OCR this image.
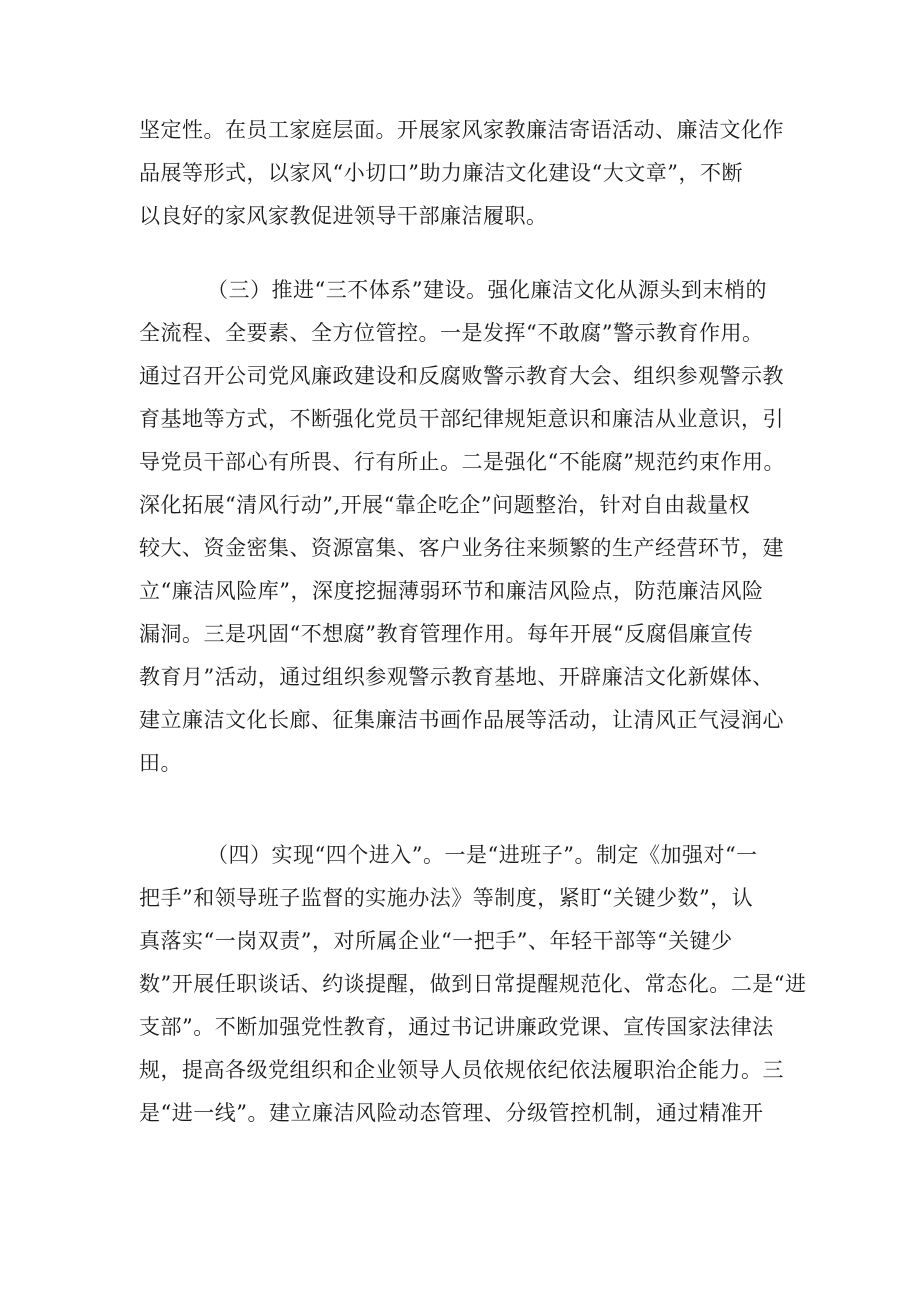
坚定性。在员工家庭层面。开展家风家教廉洁寄语活动、廉洁文化作
品展等形式，以家风“小切口”助力廉洁文化建设“大文章”，不断
以良好的家风家教促进领导干部廉洁履职。
（三）推进“三不体系”建设。强化廉洁文化从源头到末梢的
全流程、全要素、全方位管控。一是发挥“不敢腐”警示教育作用。
通过召开公司党风廉政建设和反腐败警示教育大会、组织参观警示教
育基地等方式，不断强化党员干部纪律规矩意识和廉洁从业意识，引
导党员干部心有所畏、行有所止。二是强化“不能腐”规范约束作用。
深化拓展“清风行动”,开展“靠企吃企”问题整治，针对自由裁量权
较大、资金密集、资源富集、客户业务往来频繁的生产经营环节，建
立“廉洁风险库”，深度挖掘薄弱环节和廉洁风险点，防范廉洁风险
漏洞。三是巩固“不想腐”教育管理作用。每年开展“反腐倡廉宣传
教育月”活动，通过组织参观警示教育基地、开辟廉洁文化新媒体、
建立廉洁文化长廊、征集廉洁书画作品展等活动，让清风正气浸润心
田。
（四）实现“四个进入”。一是“进班子”。制定《加强对“一
把手”和领导班子监督的实施办法》等制度，紧盯“关键少数”，认
真落实“一岗双责”，对所属企业“一把手”、年轻干部等“关键少
数”开展任职谈话、约谈提醒，做到日常提醒规范化、常态化。二是“进
支部”。不断加强党性教育，通过书记讲廉政党课、宣传国家法律法
规，提高各级党组织和企业领导人员依规依纪依法履职治企能力。三
是“进一线”。建立廉洁风险动态管理、分级管控机制，通过精准开
